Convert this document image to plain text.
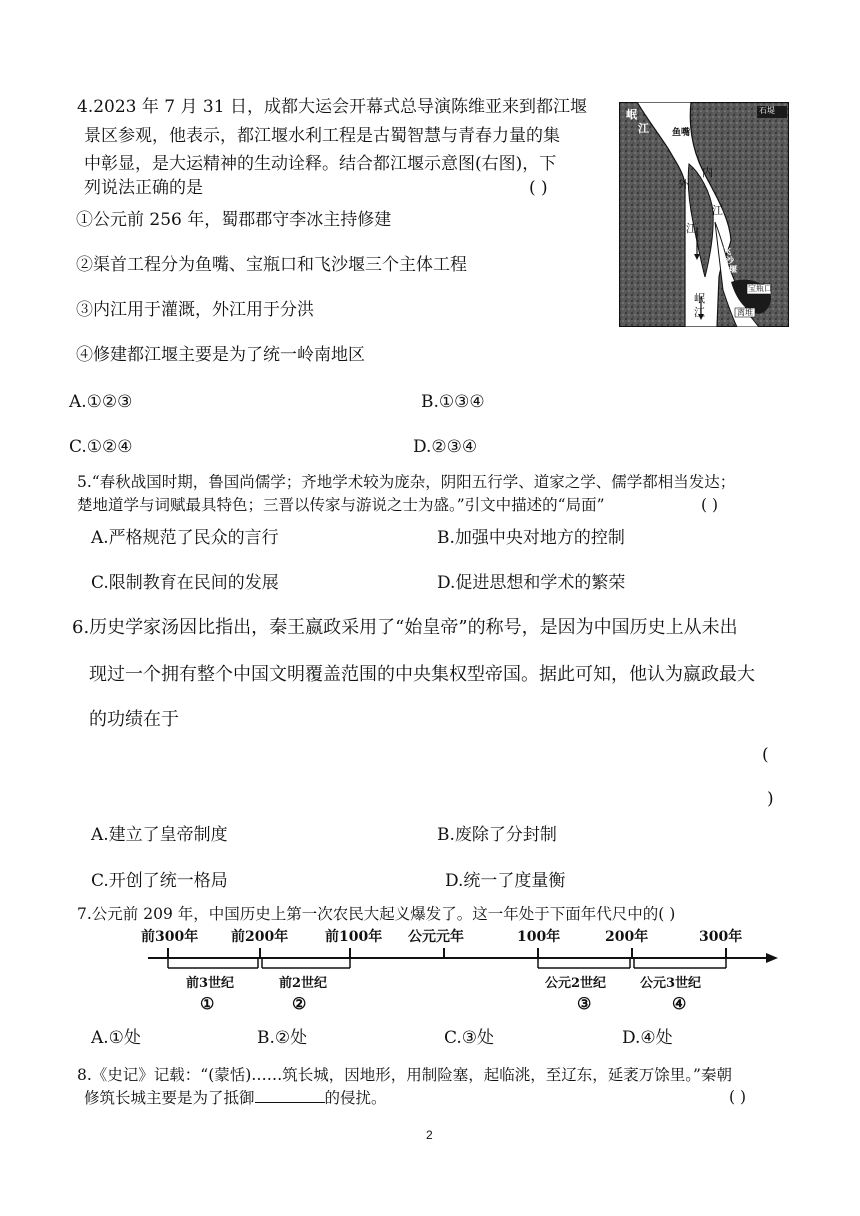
4.2023 年 7 月 31 日，成都大运会开幕式总导演陈维亚来到都江堰
景区参观，他表示，都江堰水利工程是古蜀智慧与青春力量的集
中彰显，是大运精神的生动诠释。结合都江堰示意图(右图)，下
列说法正确的是	( )
①公元前 256 年，蜀郡郡守李冰主持修建
②渠首工程分为鱼嘴、宝瓶口和飞沙堰三个主体工程
③内江用于灌溉，外江用于分洪
④修建都江堰主要是为了统一岭南地区
A.①②③	B.①③④
C.①②④	D.②③④
岷
江	鱼嘴
外
江
内
江
飞
沙
堰
宝瓶口
离堆
岷
江
石堤
5.“春秋战国时期，鲁国尚儒学；齐地学术较为庞杂，阴阳五行学、道家之学、儒学都相当发达；
楚地道学与词赋最具特色；三晋以传家与游说之士为盛。”引文中描述的“局面”	( )
A.严格规范了民众的言行	B.加强中央对地方的控制
C.限制教育在民间的发展	D.促进思想和学术的繁荣
6.历史学家汤因比指出，秦王嬴政采用了“始皇帝”的称号，是因为中国历史上从未出
现过一个拥有整个中国文明覆盖范围的中央集权型帝国。据此可知，他认为嬴政最大
的功绩在于
(
)
A.建立了皇帝制度	B.废除了分封制
C.开创了统一格局	D.统一了度量衡
7.公元前 209 年，中国历史上第一次农民大起义爆发了。这一年处于下面年代尺中的( )
前300年 前200年	前100年 公元元年	100年	200年	300年
前3世纪
①
前2世纪
②
公元2世纪
③
公元3世纪
④
A.①处	B.②处	C.③处	D.④处
8.《史记》记载：“(蒙恬)……筑长城，因地形，用制险塞，起临洮，至辽东，延袤万馀里。”秦朝
修筑长城主要是为了抵御	的侵扰。	( )
2
